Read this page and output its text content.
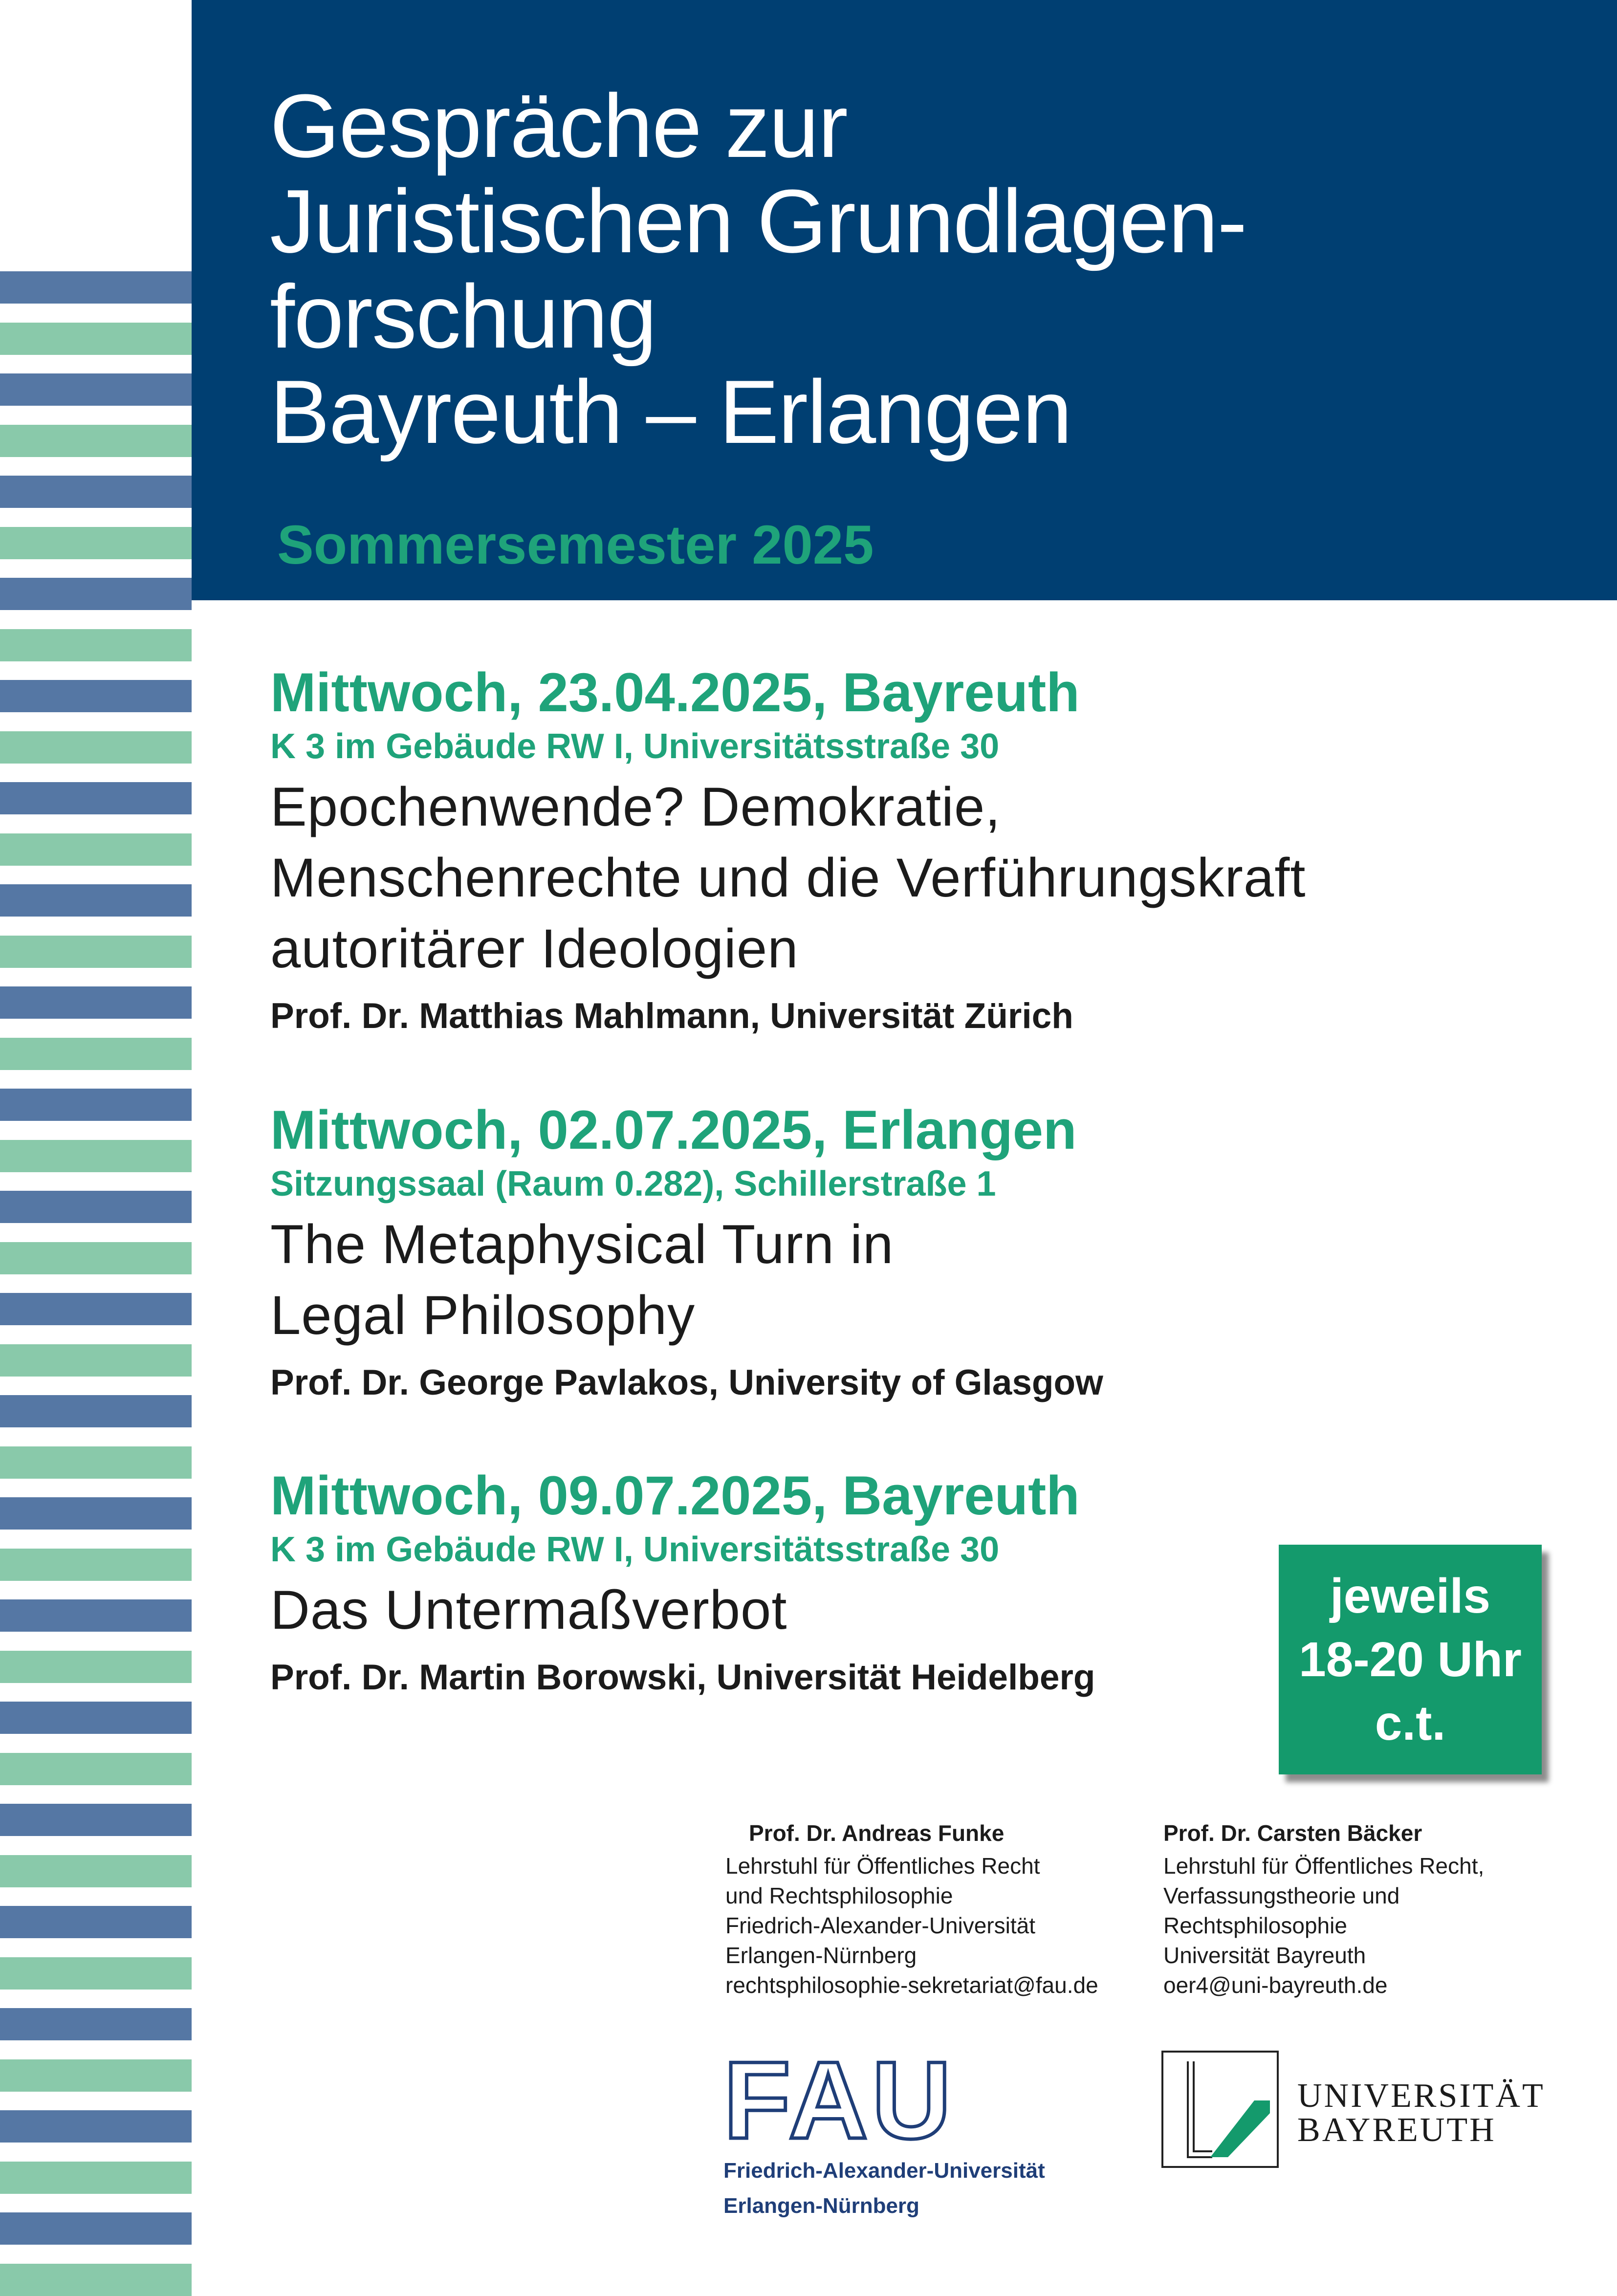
Gespräche zur
Juristischen Grundlagen-
forschung
Bayreuth – Erlangen
Sommersemester 2025
Mittwoch, 23.04.2025, Bayreuth
K 3 im Gebäude RW I, Universitätsstraße 30
Epochenwende? Demokratie,
Menschenrechte und die Verführungskraft
autoritärer Ideologien
Prof. Dr. Matthias Mahlmann, Universität Zürich
Mittwoch, 02.07.2025, Erlangen
Sitzungssaal (Raum 0.282), Schillerstraße 1
The Metaphysical Turn in
Legal Philosophy
Prof. Dr. George Pavlakos, University of Glasgow
Mittwoch, 09.07.2025, Bayreuth
K 3 im Gebäude RW I, Universitätsstraße 30
Das Untermaßverbot
Prof. Dr. Martin Borowski, Universität Heidelberg
jeweils
18-20 Uhr
c.t.
Prof. Dr. Andreas Funke
Lehrstuhl für Öffentliches Recht
und Rechtsphilosophie
Friedrich-Alexander-Universität
Erlangen-Nürnberg
rechtsphilosophie-sekretariat@fau.de
Prof. Dr. Carsten Bäcker
Lehrstuhl für Öffentliches Recht,
Verfassungstheorie und
Rechtsphilosophie
Universität Bayreuth
oer4@uni-bayreuth.de
FAU
Friedrich-Alexander-Universität
Erlangen-Nürnberg
UNIVERSITÄT
BAYREUTH
